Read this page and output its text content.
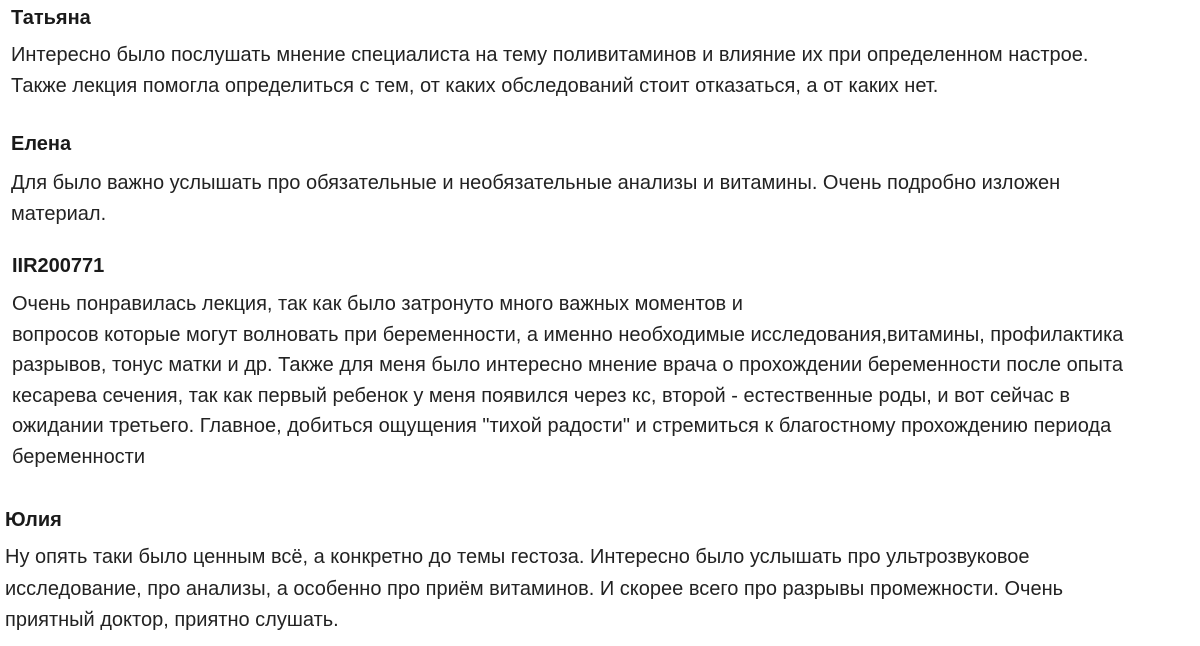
Татьяна

Интересно было послушать мнение специалиста на тему поливитаминов и влияние их при определенном настрое.
Также лекция помогла определиться с тем, от каких обследований стоит отказаться, а от каких нет.

Елена

Для было важно услышать про обязательные и необязательные анализы и витамины. Очень подробно изложен
материал.

IIR200771

Очень понравилась лекция, так как было затронуто много важных моментов и
вопросов которые могут волновать при беременности, а именно необходимые исследования,витамины, профилактика
разрывов, тонус матки и др. Также для меня было интересно мнение врача о прохождении беременности после опыта
кесарева сечения, так как первый ребенок у меня появился через кс, второй - естественные роды, и вот сейчас в
ожидании третьего. Главное, добиться ощущения "тихой радости" и стремиться к благостному прохождению периода
беременности

Юлия

Ну опять таки было ценным всё, а конкретно до темы гестоза. Интересно было услышать про ультрозвуковое
исследование, про анализы, а особенно про приём витаминов. И скорее всего про разрывы промежности. Очень
приятный доктор, приятно слушать.
